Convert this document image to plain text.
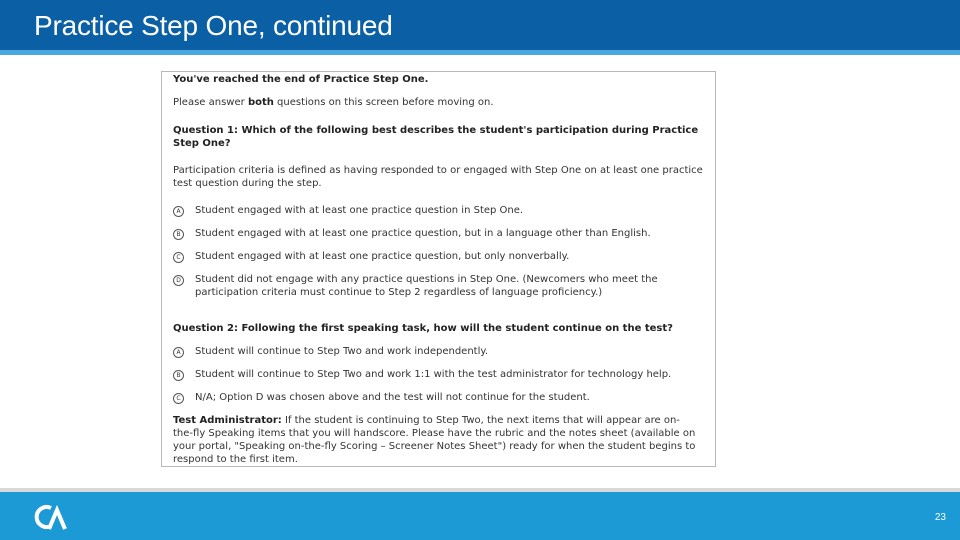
Practice Step One, continued
You've reached the end of Practice Step One.
Please answer both questions on this screen before moving on.
Question 1: Which of the following best describes the student's participation during Practice
Step One?
Participation criteria is defined as having responded to or engaged with Step One on at least one practice
test question during the step.
A	Student engaged with at least one practice question in Step One.
B	Student engaged with at least one practice question, but in a language other than English.
C	Student engaged with at least one practice question, but only nonverbally.
D	Student did not engage with any practice questions in Step One. (Newcomers who meet the
participation criteria must continue to Step 2 regardless of language proficiency.)
Question 2: Following the first speaking task, how will the student continue on the test?
A	Student will continue to Step Two and work independently.
B	Student will continue to Step Two and work 1:1 with the test administrator for technology help.
C	N/A; Option D was chosen above and the test will not continue for the student.
Test Administrator: If the student is continuing to Step Two, the next items that will appear are on-
the-fly Speaking items that you will handscore. Please have the rubric and the notes sheet (available on
your portal, "Speaking on-the-fly Scoring – Screener Notes Sheet") ready for when the student begins to
respond to the first item.
23
